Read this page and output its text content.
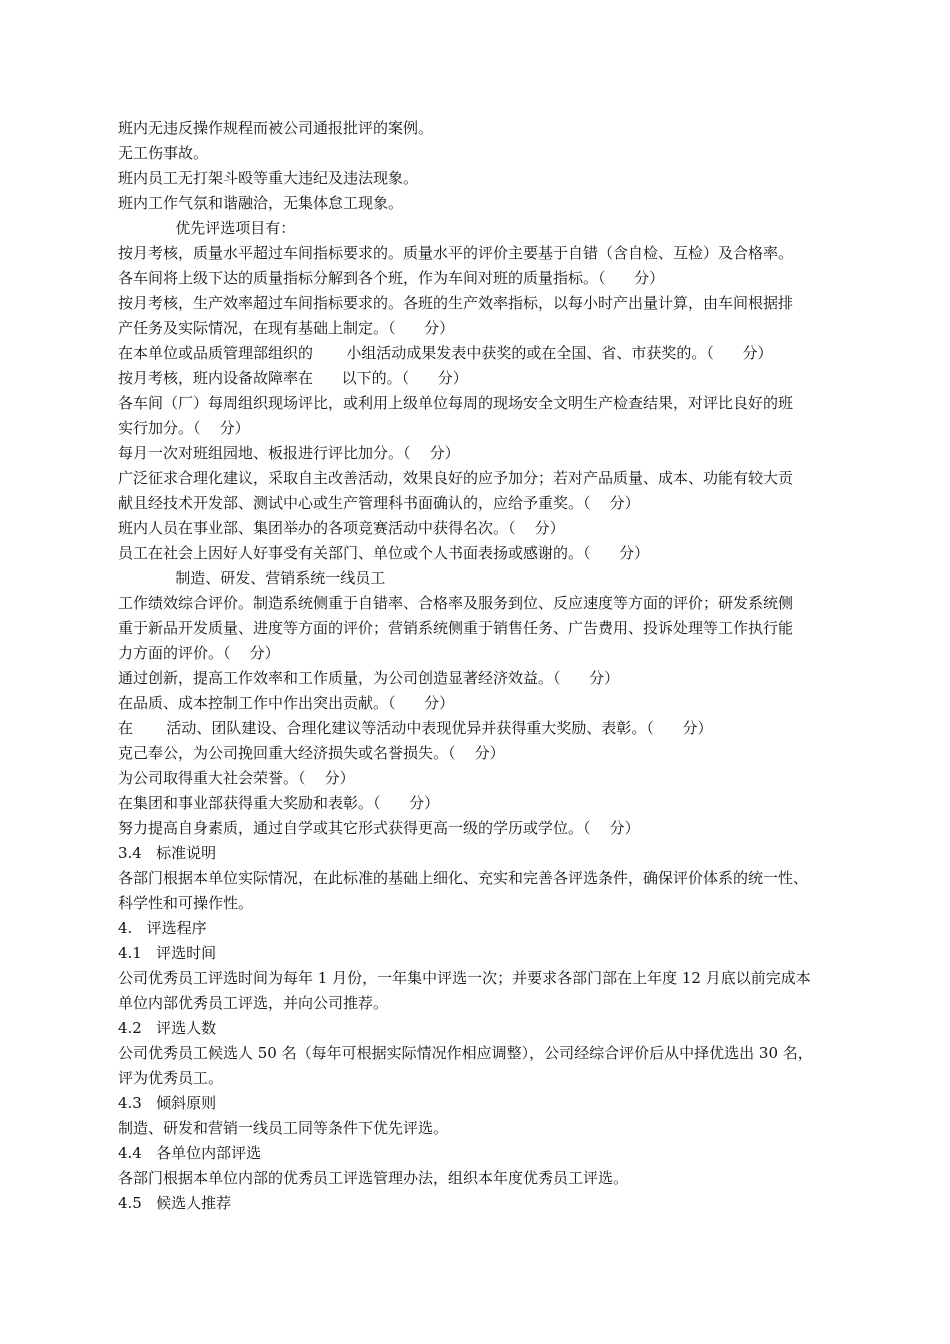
班内无违反操作规程而被公司通报批评的案例。

无工伤事故。

班内员工无打架斗殴等重大违纪及违法现象。

班内工作气氛和谐融洽，无集体怠工现象。

优先评选项目有：

按月考核，质量水平超过车间指标要求的。质量水平的评价主要基于自错（含自检、互检）及合格率。

各车间将上级下达的质量指标分解到各个班，作为车间对班的质量指标。（      分）

按月考核，生产效率超过车间指标要求的。各班的生产效率指标，以每小时产出量计算，由车间根据排

产任务及实际情况，在现有基础上制定。（      分）

在本单位或品质管理部组织的       小组活动成果发表中获奖的或在全国、省、市获奖的。（      分）

按月考核，班内设备故障率在      以下的。（      分）

各车间（厂）每周组织现场评比，或利用上级单位每周的现场安全文明生产检查结果，对评比良好的班

实行加分。（    分）

每月一次对班组园地、板报进行评比加分。（    分）

广泛征求合理化建议，采取自主改善活动，效果良好的应予加分；若对产品质量、成本、功能有较大贡

献且经技术开发部、测试中心或生产管理科书面确认的，应给予重奖。（    分）

班内人员在事业部、集团举办的各项竞赛活动中获得名次。（    分）

员工在社会上因好人好事受有关部门、单位或个人书面表扬或感谢的。（      分）

制造、研发、营销系统一线员工

工作绩效综合评价。制造系统侧重于自错率、合格率及服务到位、反应速度等方面的评价；研发系统侧

重于新品开发质量、进度等方面的评价；营销系统侧重于销售任务、广告费用、投诉处理等工作执行能

力方面的评价。（    分）

通过创新，提高工作效率和工作质量，为公司创造显著经济效益。（      分）

在品质、成本控制工作中作出突出贡献。（      分）

在       活动、团队建设、合理化建议等活动中表现优异并获得重大奖励、表彰。（      分）

克己奉公，为公司挽回重大经济损失或名誉损失。（    分）

为公司取得重大社会荣誉。（    分）

在集团和事业部获得重大奖励和表彰。（      分）

努力提高自身素质，通过自学或其它形式获得更高一级的学历或学位。（    分）

3.4   标准说明

各部门根据本单位实际情况，在此标准的基础上细化、充实和完善各评选条件，确保评价体系的统一性、

科学性和可操作性。

4.   评选程序

4.1   评选时间

公司优秀员工评选时间为每年 1 月份，一年集中评选一次；并要求各部门部在上年度 12 月底以前完成本

单位内部优秀员工评选，并向公司推荐。

4.2   评选人数

公司优秀员工候选人 50 名（每年可根据实际情况作相应调整），公司经综合评价后从中择优选出 30 名，

评为优秀员工。

4.3   倾斜原则

制造、研发和营销一线员工同等条件下优先评选。

4.4   各单位内部评选

各部门根据本单位内部的优秀员工评选管理办法，组织本年度优秀员工评选。

4.5   候选人推荐
